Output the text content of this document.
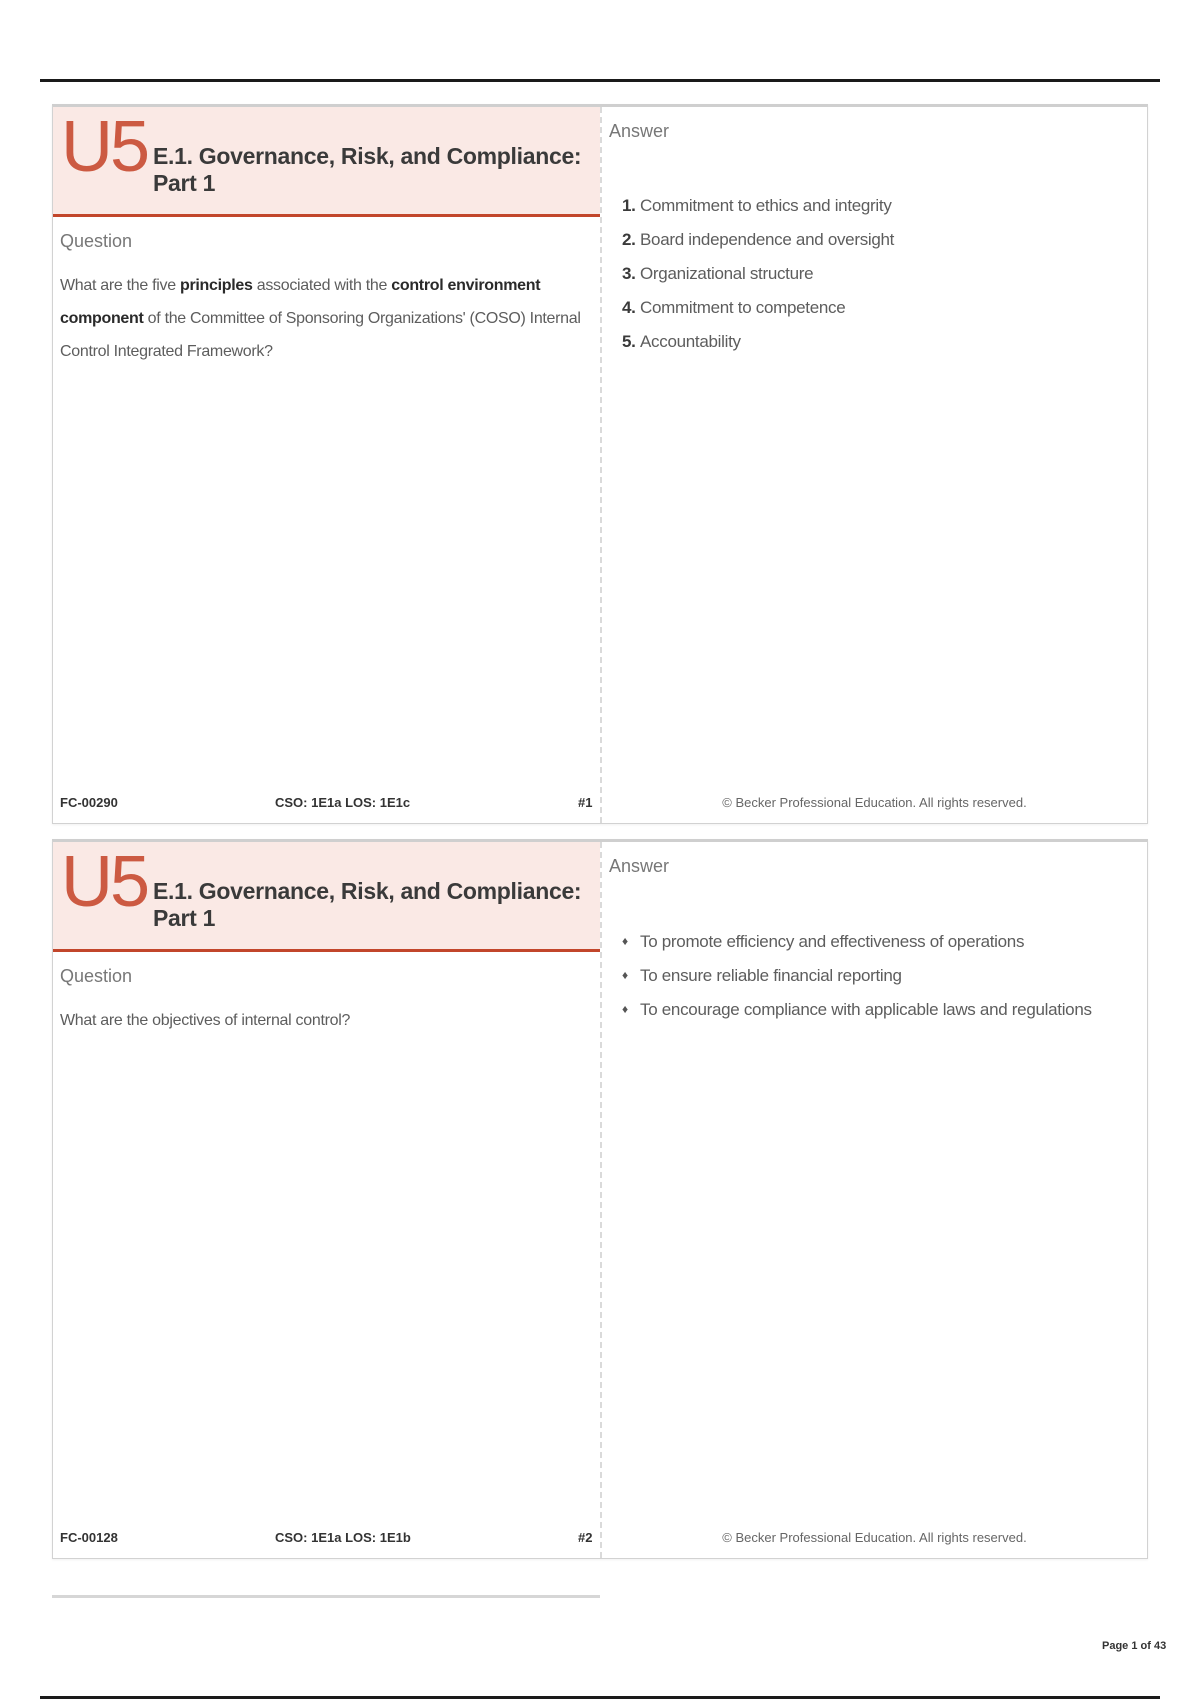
U5 E.1. Governance, Risk, and Compliance: Part 1
Question
What are the five principles associated with the control environment component of the Committee of Sponsoring Organizations' (COSO) Internal Control Integrated Framework?
FC-00290	CSO: 1E1a LOS: 1E1c	#1
Answer
1. Commitment to ethics and integrity
2. Board independence and oversight
3. Organizational structure
4. Commitment to competence
5. Accountability
© Becker Professional Education. All rights reserved.
U5 E.1. Governance, Risk, and Compliance: Part 1
Question
What are the objectives of internal control?
FC-00128	CSO: 1E1a LOS: 1E1b	#2
Answer
♦ To promote efficiency and effectiveness of operations
♦ To ensure reliable financial reporting
♦ To encourage compliance with applicable laws and regulations
© Becker Professional Education. All rights reserved.
Page 1 of 43
